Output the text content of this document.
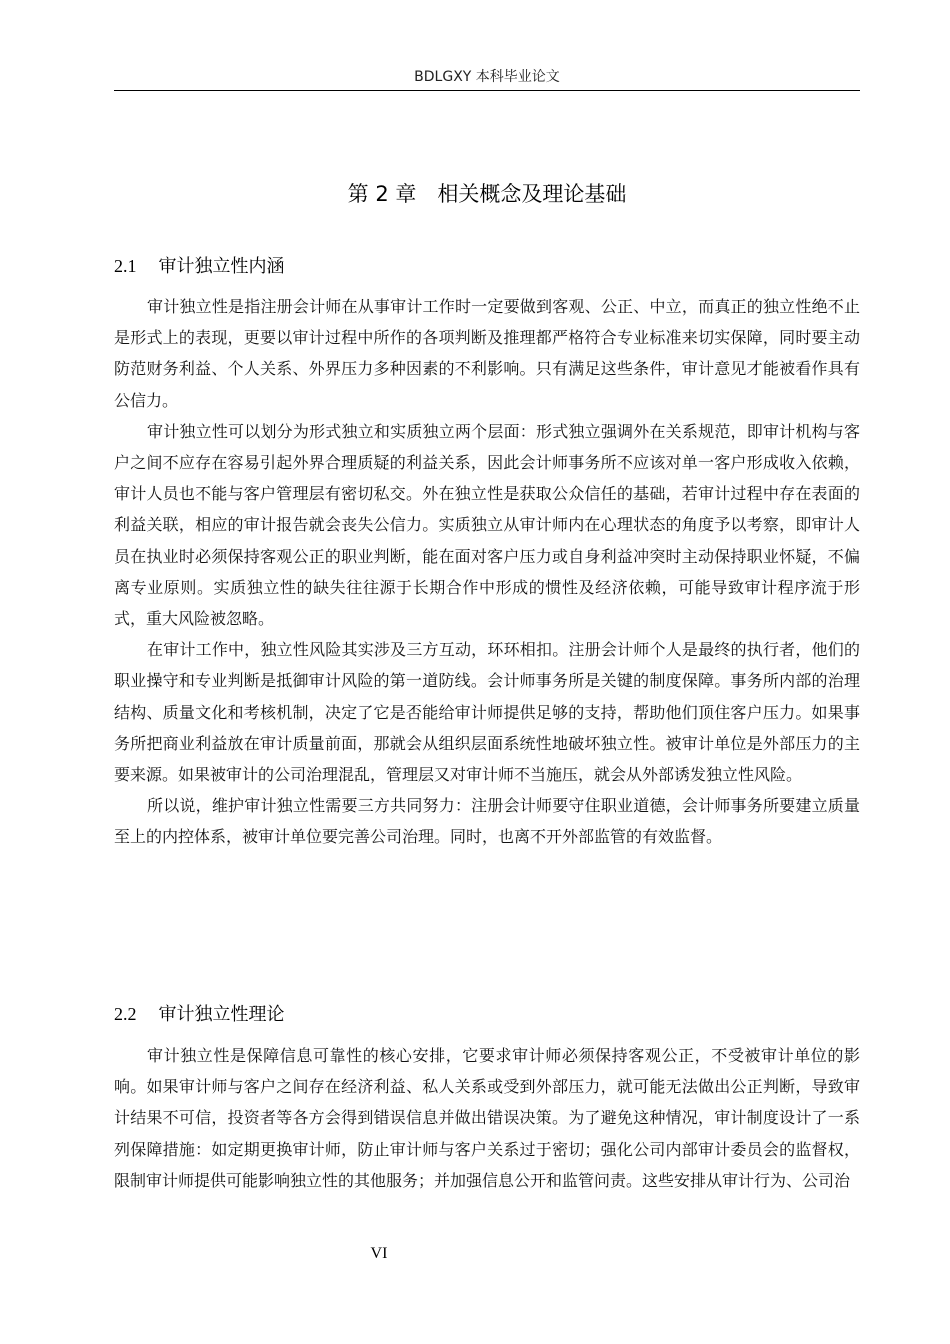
BDLGXY 本科毕业论文
第 2 章　相关概念及理论基础
2.1 审计独立性内涵

审计独立性是指注册会计师在从事审计工作时一定要做到客观、公正、中立，而真正的独立性绝不止是形式上的表现，更要以审计过程中所作的各项判断及推理都严格符合专业标准来切实保障，同时要主动防范财务利益、个人关系、外界压力多种因素的不利影响。只有满足这些条件，审计意见才能被看作具有公信力。

审计独立性可以划分为形式独立和实质独立两个层面：形式独立强调外在关系规范，即审计机构与客户之间不应存在容易引起外界合理质疑的利益关系，因此会计师事务所不应该对单一客户形成收入依赖，审计人员也不能与客户管理层有密切私交。外在独立性是获取公众信任的基础，若审计过程中存在表面的利益关联，相应的审计报告就会丧失公信力。实质独立从审计师内在心理状态的角度予以考察，即审计人员在执业时必须保持客观公正的职业判断，能在面对客户压力或自身利益冲突时主动保持职业怀疑，不偏离专业原则。实质独立性的缺失往往源于长期合作中形成的惯性及经济依赖，可能导致审计程序流于形式，重大风险被忽略。

在审计工作中，独立性风险其实涉及三方互动，环环相扣。注册会计师个人是最终的执行者，他们的职业操守和专业判断是抵御审计风险的第一道防线。会计师事务所是关键的制度保障。事务所内部的治理结构、质量文化和考核机制，决定了它是否能给审计师提供足够的支持，帮助他们顶住客户压力。如果事务所把商业利益放在审计质量前面，那就会从组织层面系统性地破坏独立性。被审计单位是外部压力的主要来源。如果被审计的公司治理混乱，管理层又对审计师不当施压，就会从外部诱发独立性风险。

所以说，维护审计独立性需要三方共同努力：注册会计师要守住职业道德，会计师事务所要建立质量至上的内控体系，被审计单位要完善公司治理。同时，也离不开外部监管的有效监督。

2.2 审计独立性理论

审计独立性是保障信息可靠性的核心安排，它要求审计师必须保持客观公正，不受被审计单位的影响。如果审计师与客户之间存在经济利益、私人关系或受到外部压力，就可能无法做出公正判断，导致审计结果不可信，投资者等各方会得到错误信息并做出错误决策。为了避免这种情况，审计制度设计了一系列保障措施：如定期更换审计师，防止审计师与客户关系过于密切；强化公司内部审计委员会的监督权，限制审计师提供可能影响独立性的其他服务；并加强信息公开和监管问责。这些安排从审计行为、公司治

VI
